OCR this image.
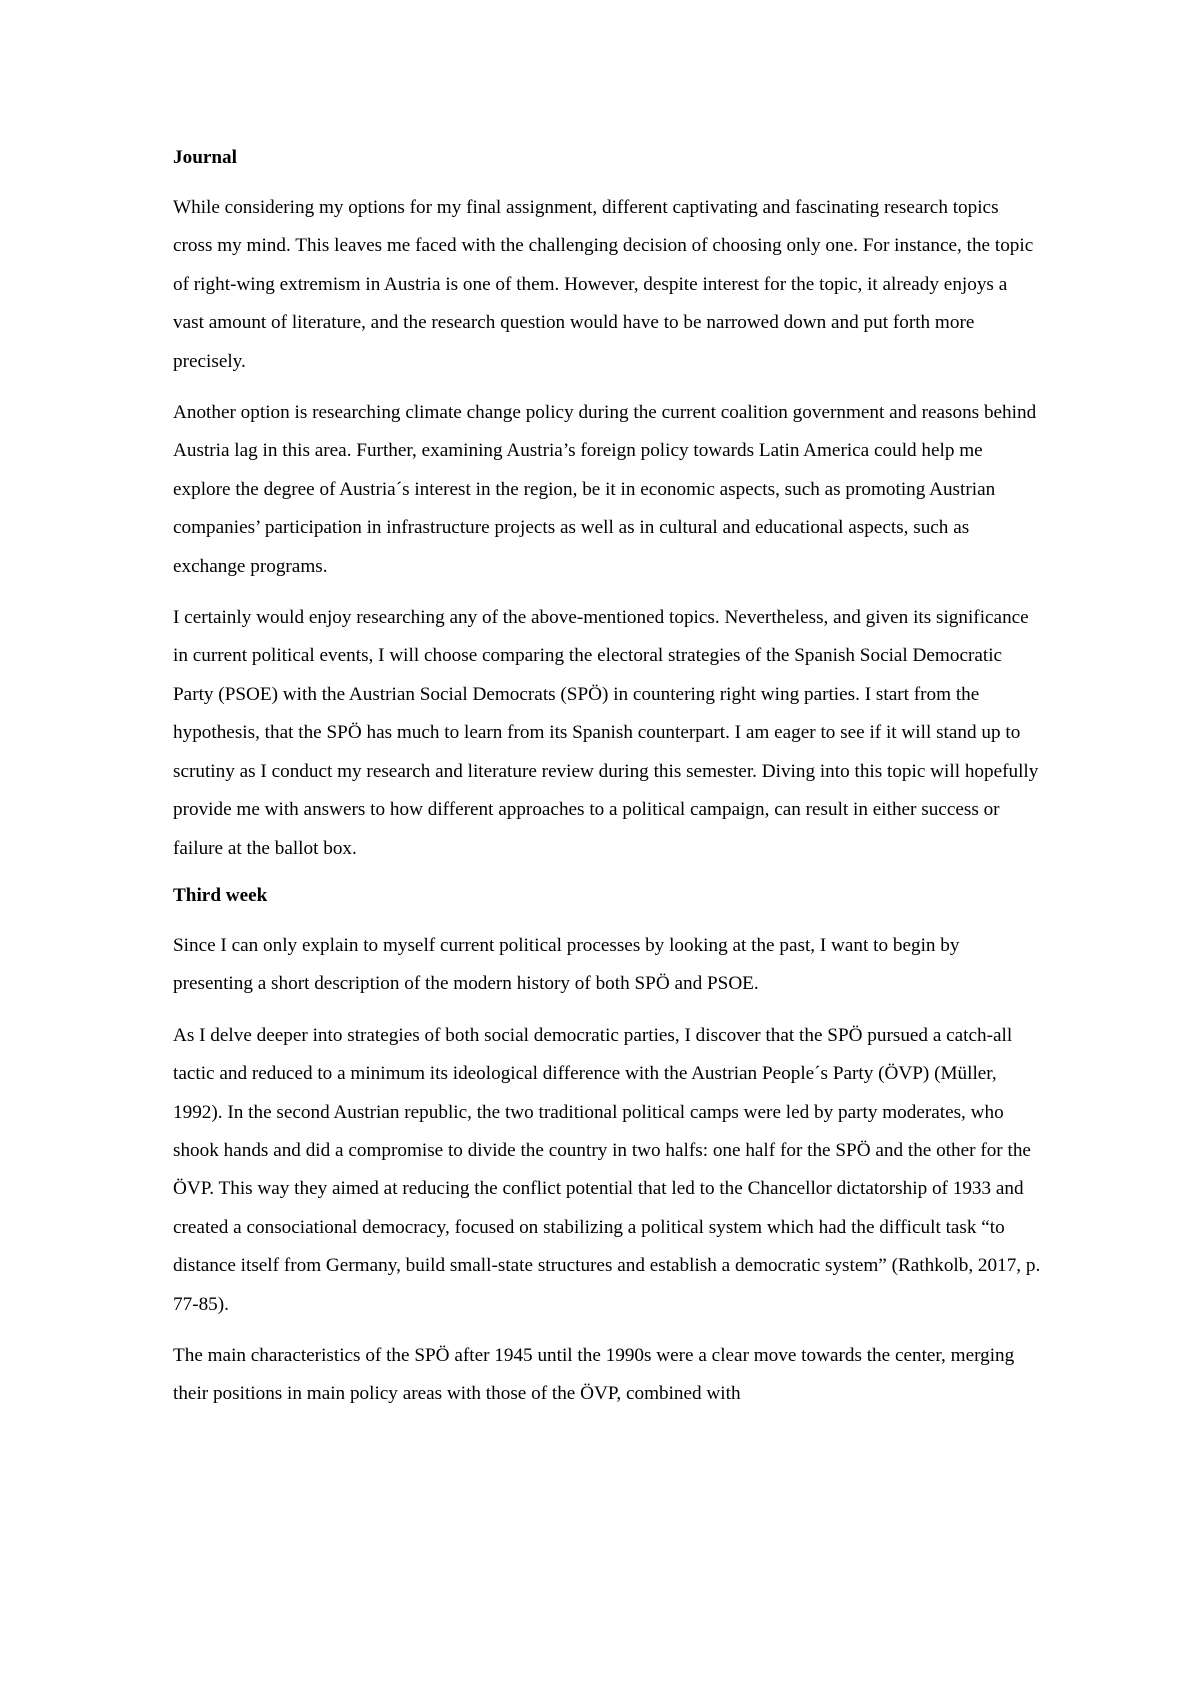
Journal

While considering my options for my final assignment, different captivating and fascinating research topics cross my mind. This leaves me faced with the challenging decision of choosing only one. For instance, the topic of right-wing extremism in Austria is one of them. However, despite interest for the topic, it already enjoys a vast amount of literature, and the research question would have to be narrowed down and put forth more precisely.

Another option is researching climate change policy during the current coalition government and reasons behind Austria lag in this area. Further, examining Austria’s foreign policy towards Latin America could help me explore the degree of Austria´s interest in the region, be it in economic aspects, such as promoting Austrian companies’ participation in infrastructure projects as well as in cultural and educational aspects, such as exchange programs.

I certainly would enjoy researching any of the above-mentioned topics. Nevertheless, and given its significance in current political events, I will choose comparing the electoral strategies of the Spanish Social Democratic Party (PSOE) with the Austrian Social Democrats (SPÖ) in countering right wing parties. I start from the hypothesis, that the SPÖ has much to learn from its Spanish counterpart. I am eager to see if it will stand up to scrutiny as I conduct my research and literature review during this semester. Diving into this topic will hopefully provide me with answers to how different approaches to a political campaign, can result in either success or failure at the ballot box.

Third week

Since I can only explain to myself current political processes by looking at the past, I want to begin by presenting a short description of the modern history of both SPÖ and PSOE.

As I delve deeper into strategies of both social democratic parties, I discover that the SPÖ pursued a catch-all tactic and reduced to a minimum its ideological difference with the Austrian People´s Party (ÖVP) (Müller, 1992). In the second Austrian republic, the two traditional political camps were led by party moderates, who shook hands and did a compromise to divide the country in two halfs: one half for the SPÖ and the other for the ÖVP. This way they aimed at reducing the conflict potential that led to the Chancellor dictatorship of 1933 and created a consociational democracy, focused on stabilizing a political system which had the difficult task “to distance itself from Germany, build small-state structures and establish a democratic system” (Rathkolb, 2017, p. 77-85).

The main characteristics of the SPÖ after 1945 until the 1990s were a clear move towards the center, merging their positions in main policy areas with those of the ÖVP, combined with
